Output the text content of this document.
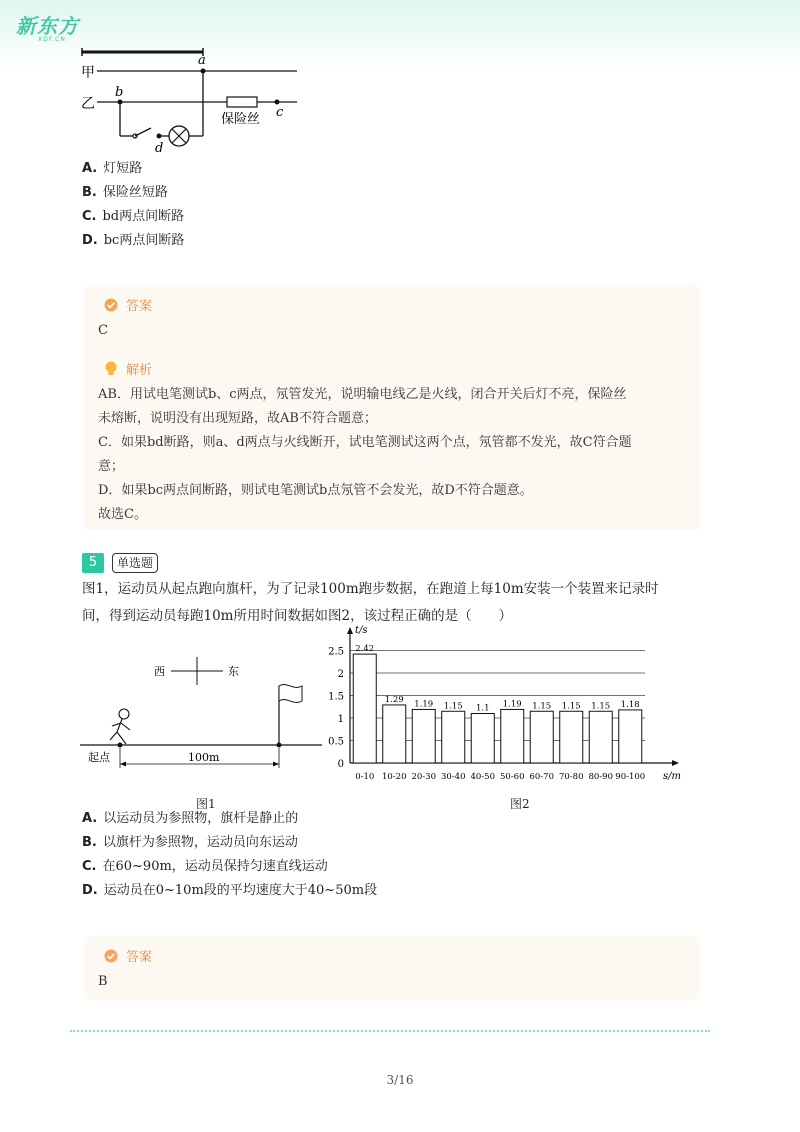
新东方
XDF.CN
甲
乙
a
b
保险丝 c
d
A. 灯短路
B. 保险丝短路
C. bd两点间断路
D. bc两点间断路
答案
C
解析
AB．用试电笔测试b、c两点，氖管发光，说明输电线乙是火线，闭合开关后灯不亮，保险丝
未熔断，说明没有出现短路，故AB不符合题意；
C．如果bd断路，则a、d两点与火线断开，试电笔测试这两个点，氖管都不发光，故C符合题
意；
D．如果bc两点间断路，则试电笔测试b点氖管不会发光，故D不符合题意。
故选C。
5	单选题
图1，运动员从起点跑向旗杆，为了记录100m跑步数据，在跑道上每10m安装一个装置来记录时
间，得到运动员每跑10m所用时间数据如图2，该过程正确的是（　　）
西	东
起点	100m
图1
2.5
2
1.5
1
0.5
0
t/s
s/m
2.42
0-10
1.29
10-20
1.19
20-30
1.15
30-40
1.1
40-50
1.19
50-60
1.15
60-70
1.15
70-80
1.15
80-90
1.18
90-100
图2
A. 以运动员为参照物，旗杆是静止的
B. 以旗杆为参照物，运动员向东运动
C. 在60~90m，运动员保持匀速直线运动
D. 运动员在0~10m段的平均速度大于40~50m段
答案
B
3/16
